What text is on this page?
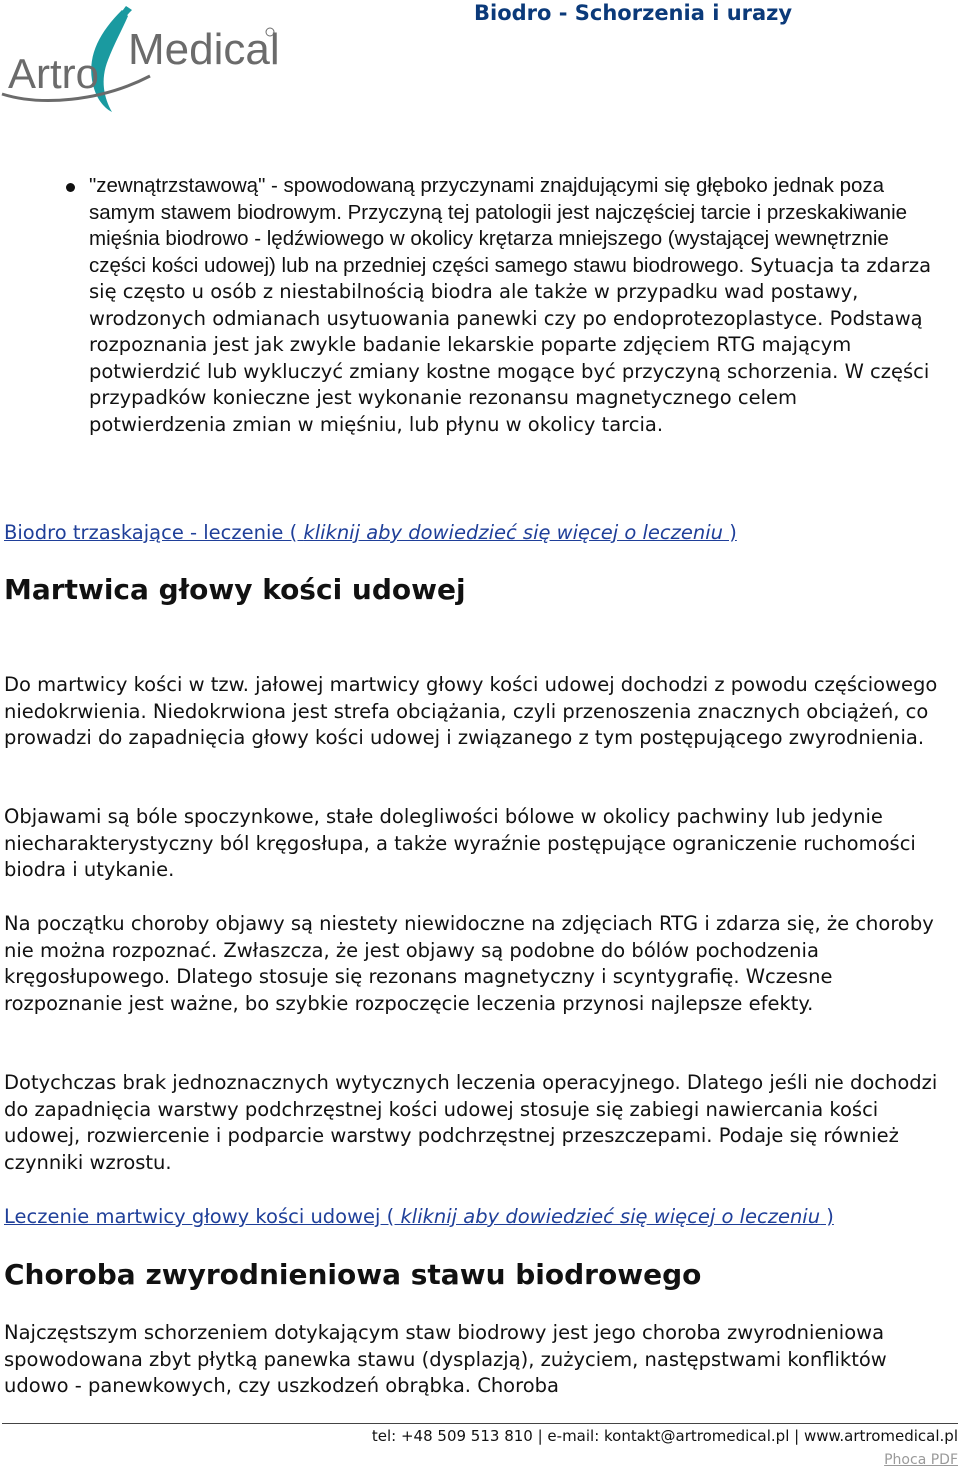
Medical
Artro
Biodro - Schorzenia i urazy
"zewnątrzstawową" - spowodowaną przyczynami znajdującymi się głęboko jednak poza samym stawem biodrowym. Przyczyną tej patologii jest najczęściej tarcie i przeskakiwanie mięśnia biodrowo - lędźwiowego w okolicy krętarza mniejszego (wystającej wewnętrznie części kości udowej) lub na przedniej części samego stawu biodrowego. Sytuacja ta zdarza się często u osób z niestabilnością biodra ale także w przypadku wad postawy, wrodzonych odmianach usytuowania panewki czy po endoprotezoplastyce. Podstawą rozpoznania jest jak zwykle badanie lekarskie poparte zdjęciem RTG mającym potwierdzić lub wykluczyć zmiany kostne mogące być przyczyną schorzenia. W części przypadków konieczne jest wykonanie rezonansu magnetycznego celem potwierdzenia zmian w mięśniu, lub płynu w okolicy tarcia.
Biodro trzaskające - leczenie ( kliknij aby dowiedzieć się więcej o leczeniu )
Martwica głowy kości udowej

Do martwicy kości w tzw. jałowej martwicy głowy kości udowej dochodzi z powodu częściowego niedokrwienia. Niedokrwiona jest strefa obciążania, czyli przenoszenia znacznych obciążeń, co prowadzi do zapadnięcia głowy kości udowej i związanego z tym postępującego zwyrodnienia.

Objawami są bóle spoczynkowe, stałe dolegliwości bólowe w okolicy pachwiny lub jedynie niecharakterystyczny ból kręgosłupa, a także wyraźnie postępujące ograniczenie ruchomości biodra i utykanie.

Na początku choroby objawy są niestety niewidoczne na zdjęciach RTG i zdarza się, że choroby nie można rozpoznać. Zwłaszcza, że jest objawy są podobne do bólów pochodzenia kręgosłupowego. Dlatego stosuje się rezonans magnetyczny i scyntygrafię. Wczesne rozpoznanie jest ważne, bo szybkie rozpoczęcie leczenia przynosi najlepsze efekty.

Dotychczas brak jednoznacznych wytycznych leczenia operacyjnego. Dlatego jeśli nie dochodzi do zapadnięcia warstwy podchrzęstnej kości udowej stosuje się zabiegi nawiercania kości udowej, rozwiercenie i podparcie warstwy podchrzęstnej przeszczepami. Podaje się również czynniki wzrostu.

Leczenie martwicy głowy kości udowej ( kliknij aby dowiedzieć się więcej o leczeniu )
Choroba zwyrodnieniowa stawu biodrowego

Najczęstszym schorzeniem dotykającym staw biodrowy jest jego choroba zwyrodnieniowa spowodowana zbyt płytką panewka stawu (dysplazją), zużyciem, następstwami konfliktów udowo - panewkowych, czy uszkodzeń obrąbka. Choroba

tel: +48 509 513 810 | e-mail: kontakt@artromedical.pl | www.artromedical.pl
Phoca PDF
